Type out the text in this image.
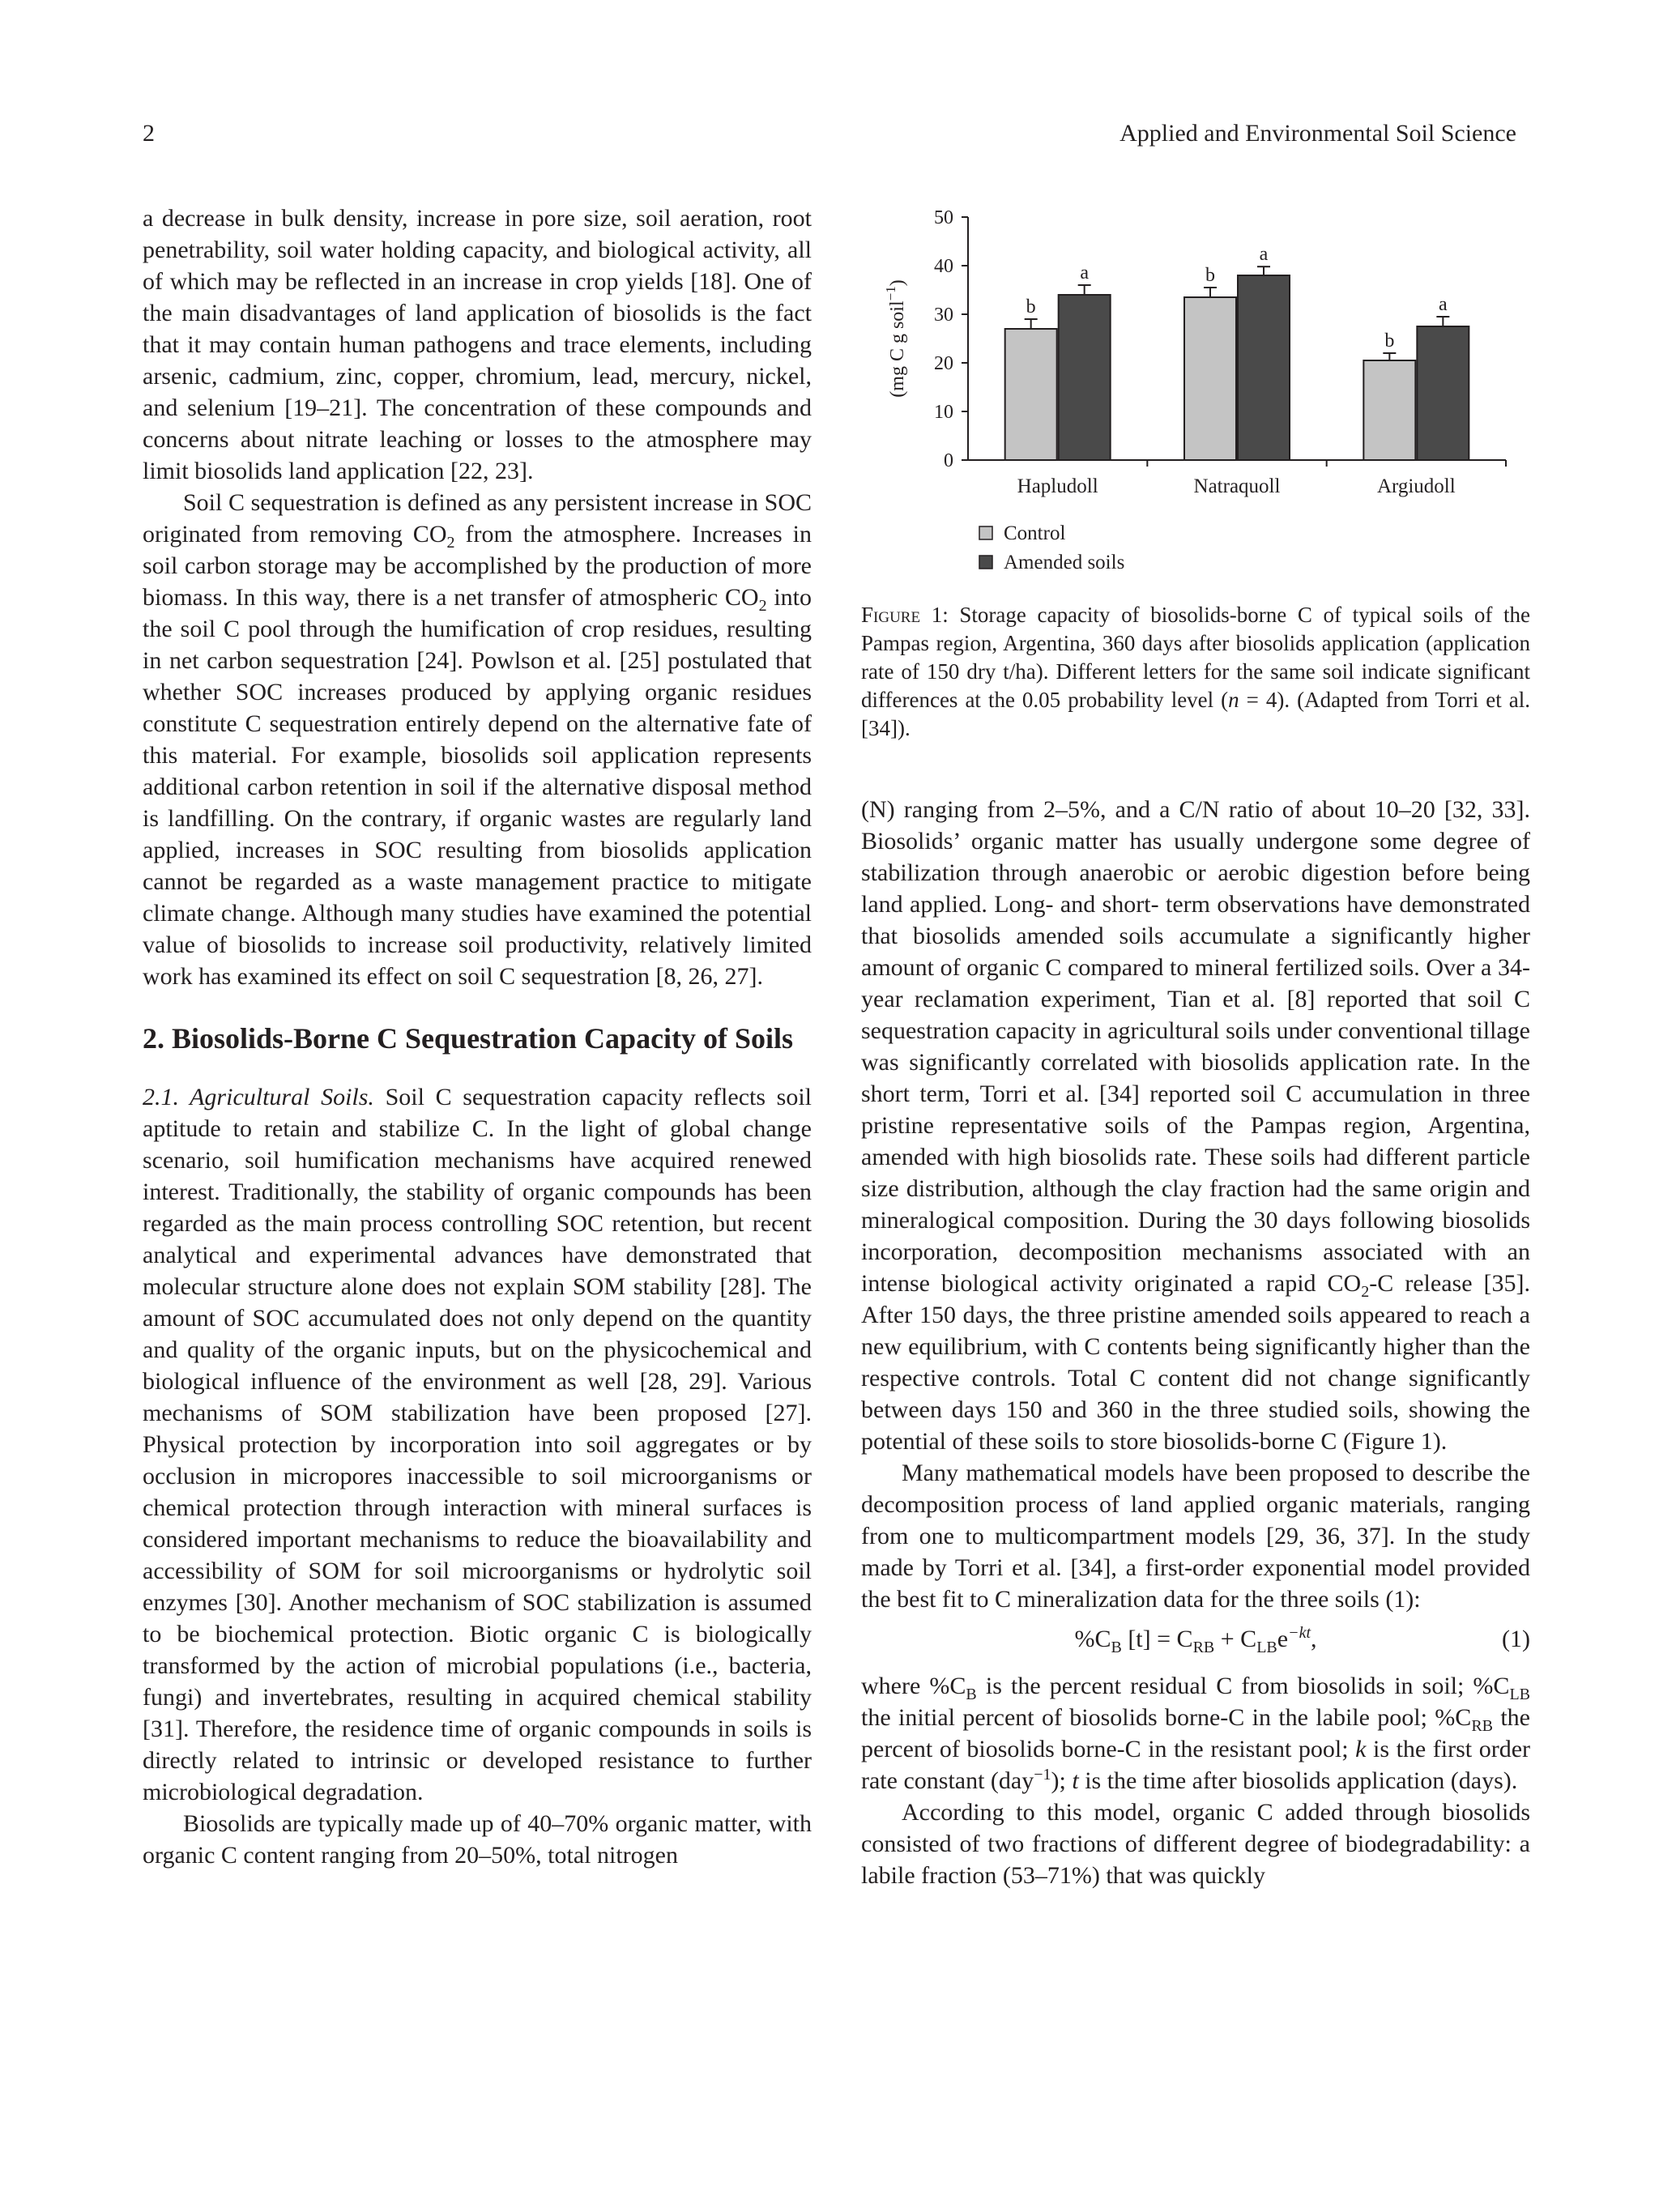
2	Applied and Environmental Soil Science

a decrease in bulk density, increase in pore size, soil aeration, root penetrability, soil water holding capacity, and biological activity, all of which may be reflected in an increase in crop yields [18]. One of the main disadvantages of land application of biosolids is the fact that it may contain human pathogens and trace elements, including arsenic, cadmium, zinc, copper, chromium, lead, mercury, nickel, and selenium [19–21]. The concentration of these compounds and concerns about nitrate leaching or losses to the atmosphere may limit biosolids land application [22, 23].

Soil C sequestration is defined as any persistent increase in SOC originated from removing $CO_2$ from the atmosphere. Increases in soil carbon storage may be accomplished by the production of more biomass. In this way, there is a net transfer of atmospheric $CO_2$ into the soil C pool through the humification of crop residues, resulting in net carbon sequestration [24]. Powlson et al. [25] postulated that whether SOC increases produced by applying organic residues constitute C sequestration entirely depend on the alternative fate of this material. For example, biosolids soil application represents additional carbon retention in soil if the alternative disposal method is landfilling. On the contrary, if organic wastes are regularly land applied, increases in SOC resulting from biosolids application cannot be regarded as a waste management practice to mitigate climate change. Although many studies have examined the potential value of biosolids to increase soil productivity, relatively limited work has examined its effect on soil C sequestration [8, 26, 27].

2. Biosolids-Borne C Sequestration Capacity of Soils

2.1. Agricultural Soils. Soil C sequestration capacity reflects soil aptitude to retain and stabilize C. In the light of global change scenario, soil humification mechanisms have acquired renewed interest. Traditionally, the stability of organic compounds has been regarded as the main process controlling SOC retention, but recent analytical and experimental advances have demonstrated that molecular structure alone does not explain SOM stability [28]. The amount of SOC accumulated does not only depend on the quantity and quality of the organic inputs, but on the physicochemical and biological influence of the environment as well [28, 29]. Various mechanisms of SOM stabilization have been proposed [27]. Physical protection by incorporation into soil aggregates or by occlusion in micropores inaccessible to soil microorganisms or chemical protection through interaction with mineral surfaces is considered important mechanisms to reduce the bioavailability and accessibility of SOM for soil microorganisms or hydrolytic soil enzymes [30]. Another mechanism of SOC stabilization is assumed to be biochemical protection. Biotic organic C is biologically transformed by the action of microbial populations (i.e., bacteria, fungi) and invertebrates, resulting in acquired chemical stability [31]. Therefore, the residence time of organic compounds in soils is directly related to intrinsic or developed resistance to further microbiological degradation.

Biosolids are typically made up of 40–70% organic matter, with organic C content ranging from 20–50%, total nitrogen

0
10
20
30
40
50
(mg C g soil$^{-1}$)
b
a
Hapludoll
b
a
Natraquoll
b
a
Argiudoll
Control
Amended soils
Figure 1: Storage capacity of biosolids-borne C of typical soils of the Pampas region, Argentina, 360 days after biosolids application (application rate of 150 dry t/ha). Different letters for the same soil indicate significant differences at the 0.05 probability level (n = 4). (Adapted from Torri et al. [34]).

(N) ranging from 2–5%, and a C/N ratio of about 10–20 [32, 33]. Biosolids’ organic matter has usually undergone some degree of stabilization through anaerobic or aerobic digestion before being land applied. Long- and short- term observations have demonstrated that biosolids amended soils accumulate a significantly higher amount of organic C compared to mineral fertilized soils. Over a 34-year reclamation experiment, Tian et al. [8] reported that soil C sequestration capacity in agricultural soils under conventional tillage was significantly correlated with biosolids application rate. In the short term, Torri et al. [34] reported soil C accumulation in three pristine representative soils of the Pampas region, Argentina, amended with high biosolids rate. These soils had different particle size distribution, although the clay fraction had the same origin and mineralogical composition. During the 30 days following biosolids incorporation, decomposition mechanisms associated with an intense biological activity originated a rapid $CO_2-C$ release [35]. After 150 days, the three pristine amended soils appeared to reach a new equilibrium, with C contents being significantly higher than the respective controls. Total C content did not change significantly between days 150 and 360 in the three studied soils, showing the potential of these soils to store biosolids-borne C (Figure 1).

Many mathematical models have been proposed to describe the decomposition process of land applied organic materials, ranging from one to multicompartment models [29, 36, 37]. In the study made by Torri et al. [34], a first-order exponential model provided the best fit to C mineralization data for the three soils (1):

$\%C_B$ $[t] = C_{RB} + C_{LB}e^{-kt}$,	(1)

where $\%C_B$ is the percent residual C from biosolids in soil; $\%C_{LB}$ the initial percent of biosolids borne-C in the labile pool; $\%C_{RB}$ the percent of biosolids borne-C in the resistant pool; k is the first order rate constant (day$^{-1}$); t is the time after biosolids application (days).

According to this model, organic C added through biosolids consisted of two fractions of different degree of biodegradability: a labile fraction (53–71%) that was quickly
